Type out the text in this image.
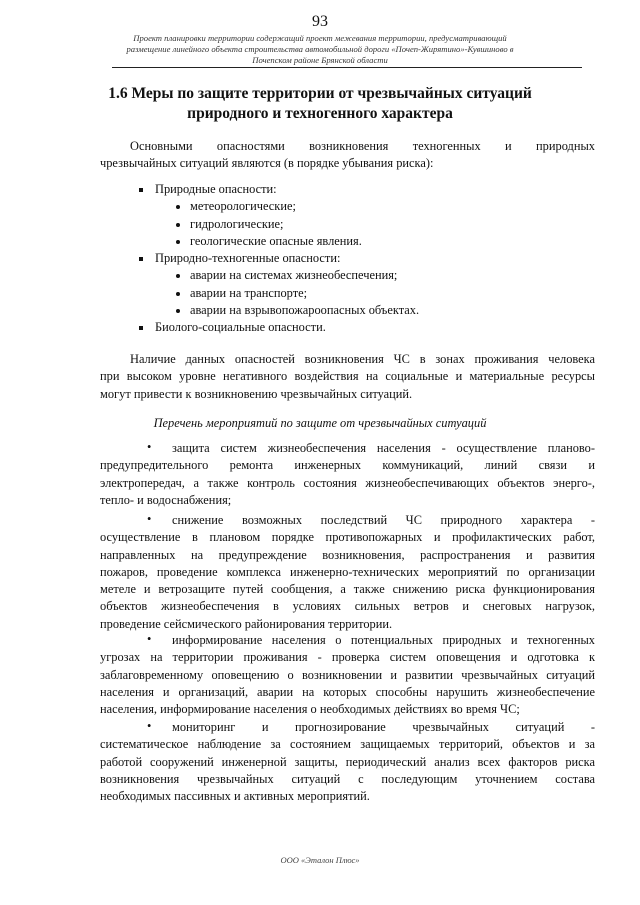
93
Проект планировки территории содержащий проект межевания территории, предусматривающий
размещение линейного объекта строительства автомобильной дороги «Почеп-Жирятино»-Кувшиново в
Почепском районе Брянской области
1.6 Меры по защите территории от чрезвычайных ситуаций
природного и техногенного характера
Основными опасностями возникновения техногенных и природных
чрезвычайных ситуаций являются (в порядке убывания риска):
Природные опасности:
метеорологические;
гидрологические;
геологические опасные явления.
Природно-техногенные опасности:
аварии на системах жизнеобеспечения;
аварии на транспорте;
аварии на взрывопожароопасных объектах.
Биолого-социальные опасности.
Наличие данных опасностей возникновения ЧС в зонах проживания человека
при высоком уровне негативного воздействия на социальные и материальные ресурсы
могут привести к возникновению чрезвычайных ситуаций.
Перечень мероприятий по защите от чрезвычайных ситуаций
•	защита систем жизнеобеспечения населения - осуществление планово-
предупредительного ремонта инженерных коммуникаций, линий связи и
электропередач, а также контроль состояния жизнеобеспечивающих объектов энерго-,
тепло- и водоснабжения;
•	снижение возможных последствий ЧС природного характера -
осуществление в плановом порядке противопожарных и профилактических работ,
направленных на предупреждение возникновения, распространения и развития
пожаров, проведение комплекса инженерно-технических мероприятий по организации
метеле и ветрозащите путей сообщения, а также снижению риска функционирования
объектов жизнеобеспечения в условиях сильных ветров и снеговых нагрузок,
проведение сейсмического районирования территории.
•	информирование населения о потенциальных природных и техногенных
угрозах на территории проживания - проверка систем оповещения и одготовка к
заблаговременному оповещению о возникновении и развитии чрезвычайных ситуаций
населения и организаций, аварии на которых способны нарушить жизнеобеспечение
населения, информирование населения о необходимых действиях во время ЧС;
•	мониторинг и прогнозирование чрезвычайных ситуаций -
систематическое наблюдение за состоянием защищаемых территорий, объектов и за
работой сооружений инженерной защиты, периодический анализ всех факторов риска
возникновения чрезвычайных ситуаций с последующим уточнением состава
необходимых пассивных и активных мероприятий.
ООО «Эталон Плюс»
